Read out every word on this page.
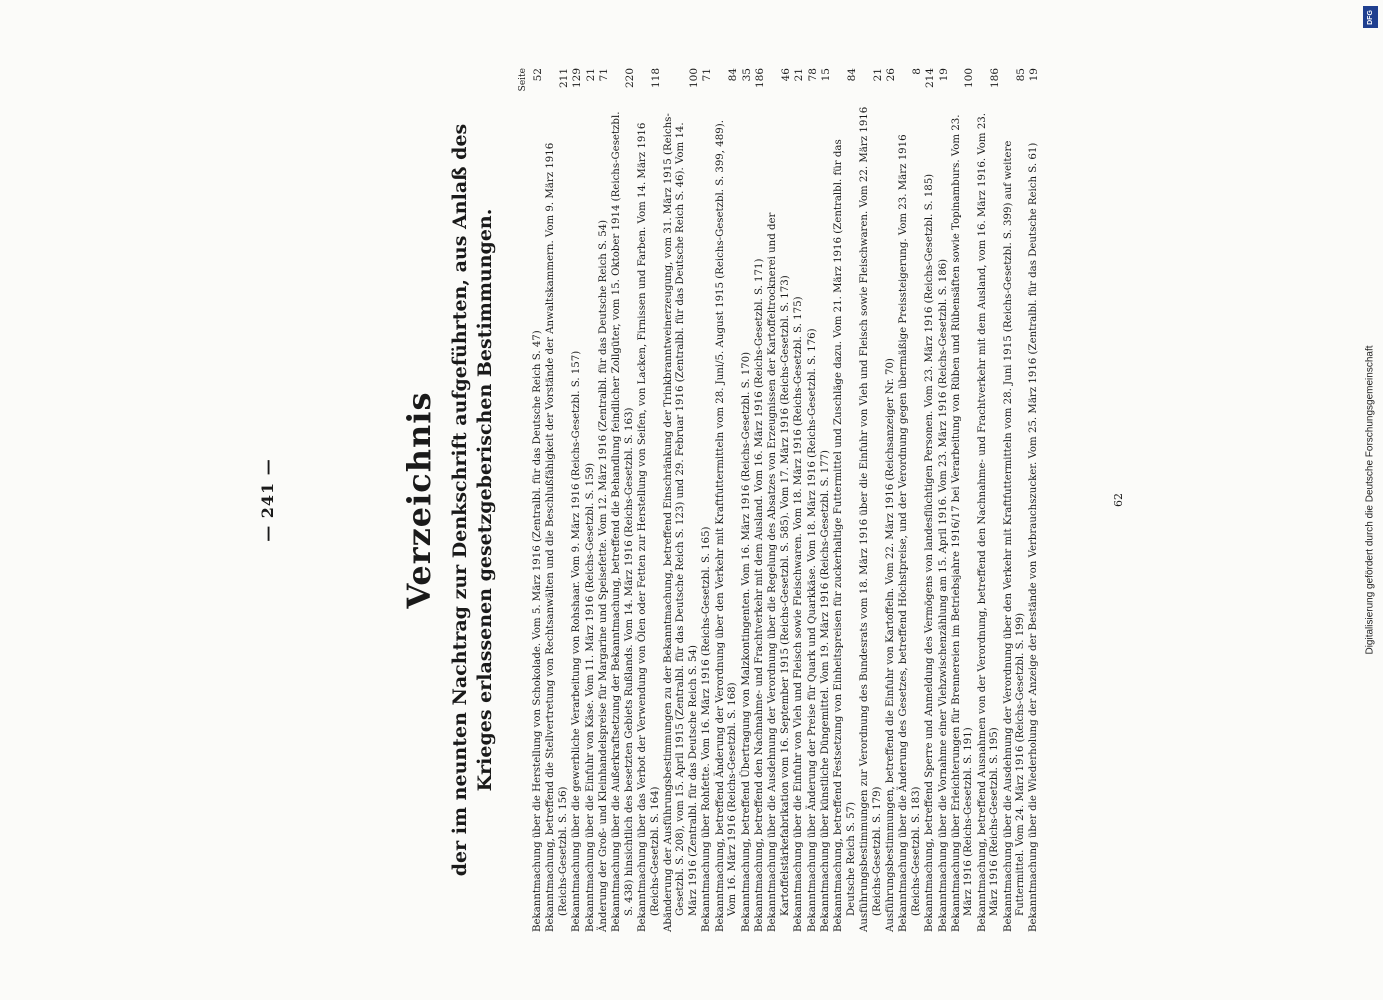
— 241 —	Verzeichnis der im neunten Nachtrag zur Denkschrift aufgeführten, aus Anlaß des Krieges erlassenen gesetzgeberischen Bestimmungen.
Seite
Bekanntmachung über die Herstellung von Schokolade. Vom 5. März 1916 (Zentralbl. für das Deutsche Reich S. 47)
52
Bekanntmachung, betreffend die Stellvertretung von Rechtsanwälten und die Beschlußfähigkeit der Vorstände der Anwaltskammern. Vom 9. März 1916 (Reichs-Gesetzbl. S. 156)
211
Bekanntmachung über die gewerbliche Verarbeitung von Rohshaar. Vom 9. März 1916 (Reichs-Gesetzbl. S. 157)
129
Bekanntmachung über die Einfuhr von Käse. Vom 11. März 1916 (Reichs-Gesetzbl. S. 159)
21
Änderung der Groß- und Kleinhandelspreise für Margarine und Speisefette. Vom 12. März 1916 (Zentralbl. für das Deutsche Reich S. 54)
71
Bekanntmachung über die Außerkraftsetzung der Bekanntmachung, betreffend die Behandlung feindlicher Zollgüter, vom 15. Oktober 1914 (Reichs-Gesetzbl. S. 438) hinsichtlich des besetzten Gebiets Rußlands. Vom 14. März 1916 (Reichs-Gesetzbl. S. 163)
220
Bekanntmachung über das Verbot der Verwendung von Ölen oder Fetten zur Herstellung von Seifen, von Lacken, Firnissen und Farben. Vom 14. März 1916 (Reichs-Gesetzbl. S. 164)
118
Abänderung der Ausführungsbestimmungen zu der Bekanntmachung, betreffend Einschränkung der Trinkbranntweinerzeugung, vom 31. März 1915 (Reichs-Gesetzbl. S. 208), vom 15. April 1915 (Zentralbl. für das Deutsche Reich S. 123) und 29. Februar 1916 (Zentralbl. für das Deutsche Reich S. 46). Vom 14. März 1916 (Zentralbl. für das Deutsche Reich S. 54)
100
Bekanntmachung über Rohfette. Vom 16. März 1916 (Reichs-Gesetzbl. S. 165)
71
Bekanntmachung, betreffend Änderung der Verordnung über den Verkehr mit Kraftfuttermitteln vom 28. Juni/5. August 1915 (Reichs-Gesetzbl. S. 399, 489). Vom 16. März 1916 (Reichs-Gesetzbl. S. 168)
84
Bekanntmachung, betreffend Übertragung von Malzkontingenten. Vom 16. März 1916 (Reichs-Gesetzbl. S. 170)
35
Bekanntmachung, betreffend den Nachnahme- und Frachtverkehr mit dem Ausland. Vom 16. März 1916 (Reichs-Gesetzbl. S. 171)
186
Bekanntmachung über die Ausdehnung der Verordnung über die Regelung des Absatzes von Erzeugnissen der Kartoffeltrocknerei und der Kartoffelstärkefabrikation vom 16. September 1915 (Reichs-Gesetzbl. S. 585). Vom 17. März 1916 (Reichs-Gesetzbl. S. 173)
46
Bekanntmachung über die Einfuhr von Vieh und Fleisch sowie Fleischwaren. Vom 18. März 1916 (Reichs-Gesetzbl. S. 175)
21
Bekanntmachung über Änderung der Preise für Quark und Quarkkäse. Vom 18. März 1916 (Reichs-Gesetzbl. S. 176)
78
Bekanntmachung über künstliche Düngemittel. Vom 19. März 1916 (Reichs-Gesetzbl. S. 177)
15
Bekanntmachung, betreffend Festsetzung von Einheitspreisen für zuckerhaltige Futtermittel und Zuschläge dazu. Vom 21. März 1916 (Zentralbl. für das Deutsche Reich S. 57)
84
Ausführungsbestimmungen zur Verordnung des Bundesrats vom 18. März 1916 über die Einfuhr von Vieh und Fleisch sowie Fleischwaren. Vom 22. März 1916 (Reichs-Gesetzbl. S. 179)
21
Ausführungsbestimmungen, betreffend die Einfuhr von Kartoffeln. Vom 22. März 1916 (Reichsanzeiger Nr. 70)
26
Bekanntmachung über die Änderung des Gesetzes, betreffend Höchstpreise, und der Verordnung gegen übermäßige Preissteigerung. Vom 23. März 1916 (Reichs-Gesetzbl. S. 183)
8
Bekanntmachung, betreffend Sperre und Anmeldung des Vermögens von landesflüchtigen Personen. Vom 23. März 1916 (Reichs-Gesetzbl. S. 185)
214
Bekanntmachung über die Vornahme einer Viehzwischenzählung am 15. April 1916. Vom 23. März 1916 (Reichs-Gesetzbl. S. 186)
19
Bekanntmachung über Erleichterungen für Brennereien im Betriebsjahre 1916/17 bei Verarbeitung von Rüben und Rübensäften sowie Topinamburs. Vom 23. März 1916 (Reichs-Gesetzbl. S. 191)
100
Bekanntmachung, betreffend Ausnahmen von der Verordnung, betreffend den Nachnahme- und Frachtverkehr mit dem Ausland, vom 16. März 1916. Vom 23. März 1916 (Reichs-Gesetzbl. S. 195)
186
Bekanntmachung über die Ausdehnung der Verordnung über den Verkehr mit Kraftfuttermitteln vom 28. Juni 1915 (Reichs-Gesetzbl. S. 399) auf weitere Futtermittel. Vom 24. März 1916 (Reichs-Gesetzbl. S. 199)
85
Bekanntmachung über die Wiederholung der Anzeige der Bestände von Verbrauchszucker. Vom 25. März 1916 (Zentralbl. für das Deutsche Reich S. 61)
19
62
DFG
Digitalisierung gefördert durch die Deutsche Forschungsgemeinschaft
